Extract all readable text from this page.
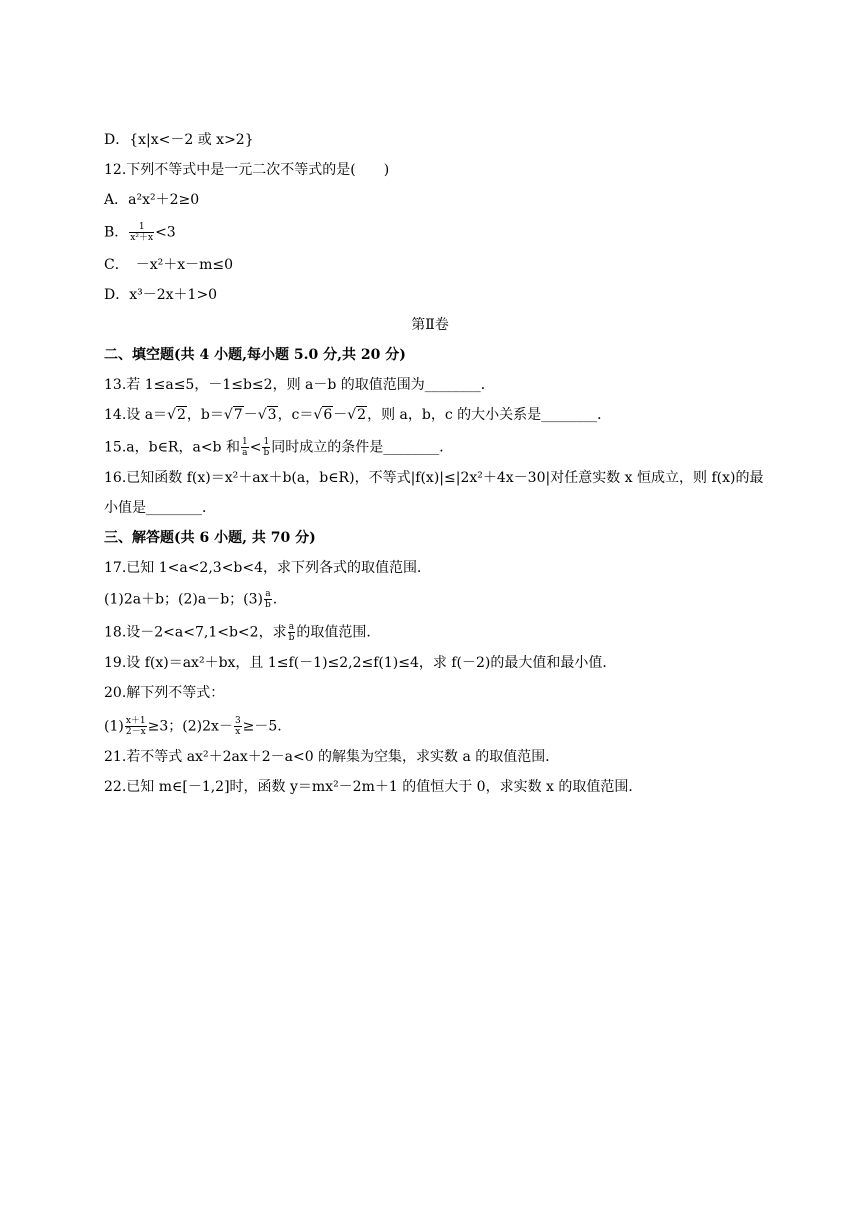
D．{x|x<－2 或 x>2}
12.下列不等式中是一元二次不等式的是(　　)
A．a²x²＋2≥0
B． $\frac{1}{\text{x²＋x}} <3$
C．　－x²＋x－m≤0
D．x³－2x＋1>0
第Ⅱ卷
二、填空题(共 4 小题,每小题 5.0 分,共 20 分)
13.若 1≤a≤5，－1≤b≤2，则 a－b 的取值范围为________．
14.设 a＝√2，b＝√7－√3，c＝√6－√2，则 a，b，c 的大小关系是________．
15.a，b∈R，a<b 和 $\frac{1}{a} < \frac{1}{b}$ 同时成立的条件是________．
16.已知函数 f(x)＝x²＋ax＋b(a，b∈R)，不等式|f(x)|≤|2x²＋4x－30|对任意实数 x 恒成立，则 f(x)的最
小值是________．
三、解答题(共 6 小题, 共 70 分)
17.已知 1<a<2,3<b<4，求下列各式的取值范围．
(1)2a＋b；(2)a－b；$(3) \frac{a}{b}$ .
18.设－2<a<7,1<b<2，求 $\frac{a}{b}$ 的取值范围．
19.设 f(x)＝ax²＋bx，且 1≤f(－1)≤2,2≤f(1)≤4，求 f(－2)的最大值和最小值．
20.解下列不等式：
$(1) \frac{x+1}{2-x} \ge 3$；$(2)2x- \frac{3}{x} \ge-5$.
21.若不等式 ax²＋2ax＋2－a<0 的解集为空集，求实数 a 的取值范围．
22.已知 m∈[－1,2]时，函数 y＝mx²－2m＋1 的值恒大于 0，求实数 x 的取值范围．
